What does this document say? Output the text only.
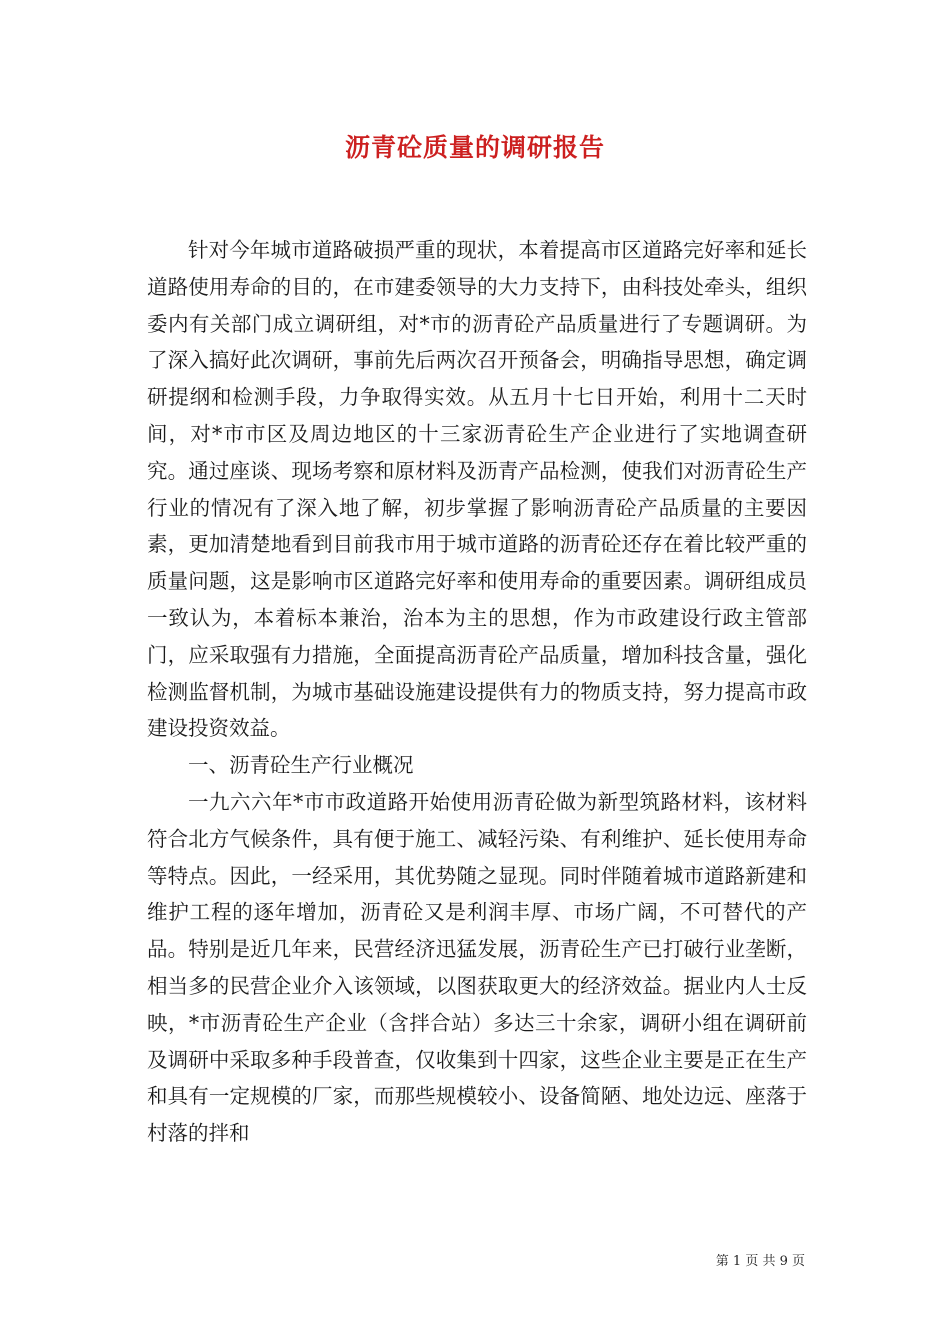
沥青砼质量的调研报告

针对今年城市道路破损严重的现状，本着提高市区道路完好率和延长道路使用寿命的目的，在市建委领导的大力支持下，由科技处牵头，组织委内有关部门成立调研组，对*市的沥青砼产品质量进行了专题调研。为了深入搞好此次调研，事前先后两次召开预备会，明确指导思想，确定调研提纲和检测手段，力争取得实效。从五月十七日开始，利用十二天时间，对*市市区及周边地区的十三家沥青砼生产企业进行了实地调查研究。通过座谈、现场考察和原材料及沥青产品检测，使我们对沥青砼生产行业的情况有了深入地了解，初步掌握了影响沥青砼产品质量的主要因素，更加清楚地看到目前我市用于城市道路的沥青砼还存在着比较严重的质量问题，这是影响市区道路完好率和使用寿命的重要因素。调研组成员一致认为，本着标本兼治，治本为主的思想，作为市政建设行政主管部门，应采取强有力措施，全面提高沥青砼产品质量，增加科技含量，强化检测监督机制，为城市基础设施建设提供有力的物质支持，努力提高市政建设投资效益。

一、沥青砼生产行业概况

一九六六年*市市政道路开始使用沥青砼做为新型筑路材料，该材料符合北方气候条件，具有便于施工、减轻污染、有利维护、延长使用寿命等特点。因此，一经采用，其优势随之显现。同时伴随着城市道路新建和维护工程的逐年增加，沥青砼又是利润丰厚、市场广阔，不可替代的产品。特别是近几年来，民营经济迅猛发展，沥青砼生产已打破行业垄断，相当多的民营企业介入该领域，以图获取更大的经济效益。据业内人士反映，*市沥青砼生产企业（含拌合站）多达三十余家，调研小组在调研前及调研中采取多种手段普查，仅收集到十四家，这些企业主要是正在生产和具有一定规模的厂家，而那些规模较小、设备简陋、地处边远、座落于村落的拌和

第 1 页 共 9 页
